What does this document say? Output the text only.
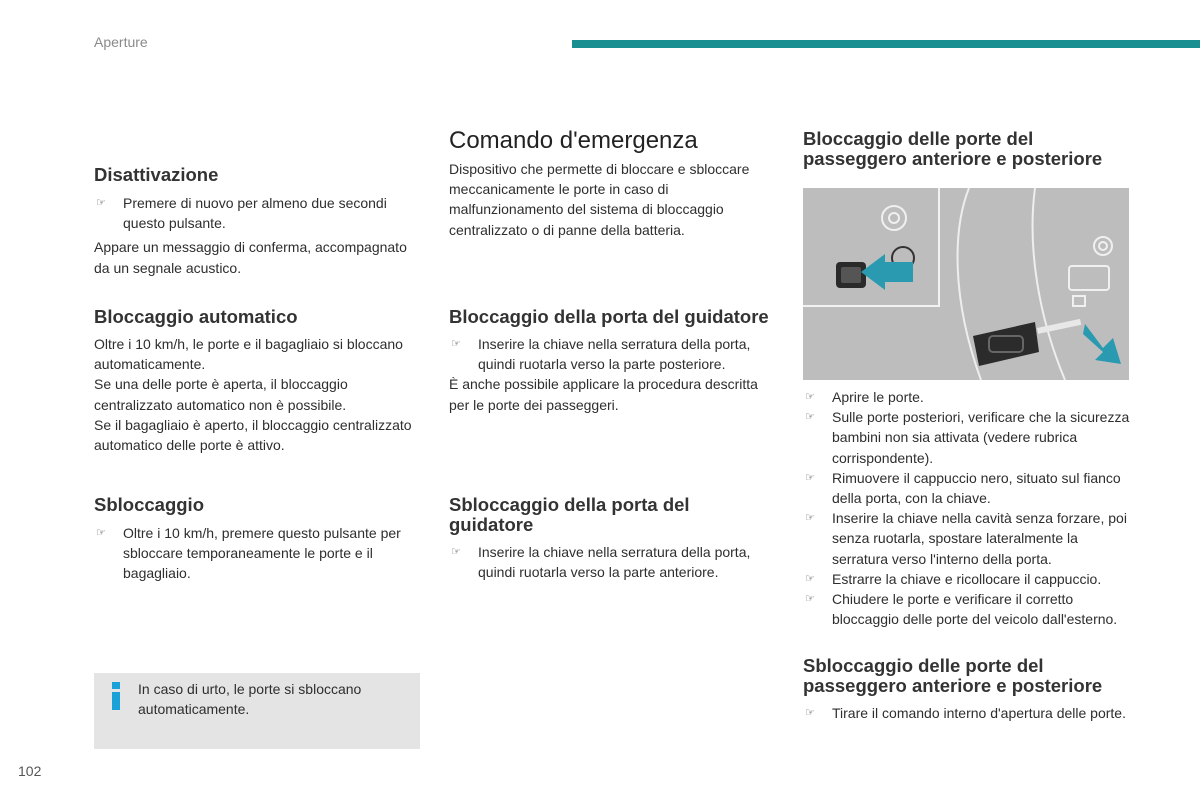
Aperture
Disattivazione
☞ Premere di nuovo per almeno due secondi questo pulsante.

Appare un messaggio di conferma, accompagnato da un segnale acustico.

Bloccaggio automatico

Oltre i 10 km/h, le porte e il bagagliaio si bloccano automaticamente.

Se una delle porte è aperta, il bloccaggio centralizzato automatico non è possibile.

Se il bagagliaio è aperto, il bloccaggio centralizzato automatico delle porte è attivo.

Sbloccaggio
☞ Oltre i 10 km/h, premere questo pulsante per sbloccare temporaneamente le porte e il bagagliaio.
In caso di urto, le porte si sbloccano automaticamente.
Comando d'emergenza

Dispositivo che permette di bloccare e sbloccare meccanicamente le porte in caso di malfunzionamento del sistema di bloccaggio centralizzato o di panne della batteria.

Bloccaggio della porta del guidatore
☞ Inserire la chiave nella serratura della porta, quindi ruotarla verso la parte posteriore.

È anche possibile applicare la procedura descritta per le porte dei passeggeri.

Sbloccaggio della porta del guidatore
☞ Inserire la chiave nella serratura della porta, quindi ruotarla verso la parte anteriore.
Bloccaggio delle porte del passeggero anteriore e posteriore
☞ Aprire le porte.
☞ Sulle porte posteriori, verificare che la sicurezza bambini non sia attivata (vedere rubrica corrispondente).
☞ Rimuovere il cappuccio nero, situato sul fianco della porta, con la chiave.
☞ Inserire la chiave nella cavità senza forzare, poi senza ruotarla, spostare lateralmente la serratura verso l'interno della porta.
☞ Estrarre la chiave e ricollocare il cappuccio.
☞ Chiudere le porte e verificare il corretto bloccaggio delle porte del veicolo dall'esterno.
Sbloccaggio delle porte del passeggero anteriore e posteriore
☞ Tirare il comando interno d'apertura delle porte.
102
